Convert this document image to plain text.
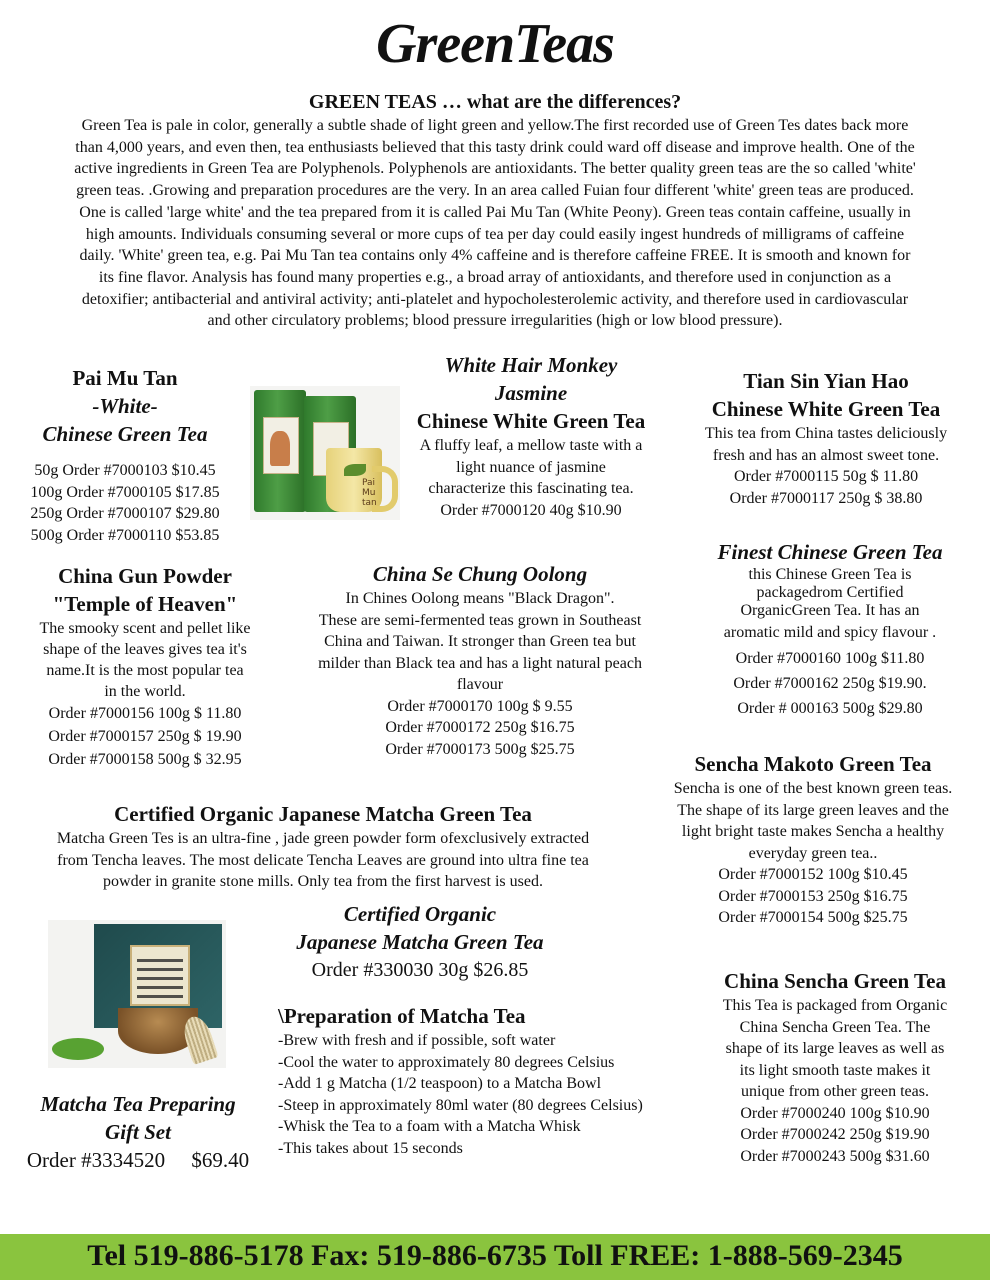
GreenTeas
GREEN TEAS … what are the differences?
Green Tea is pale in color, generally a subtle shade of light green and yellow.The first recorded use of Green Tes dates back more
than 4,000 years, and even then, tea enthusiasts believed that this tasty drink could ward off disease and improve health. One of the
active ingredients in Green Tea are Polyphenols. Polyphenols are antioxidants. The better quality green teas are the so called 'white'
green teas. .Growing and preparation procedures are the very. In an area called Fuian four different 'white' green teas are produced.
One is called 'large white' and the tea prepared from it is called Pai Mu Tan (White Peony). Green teas contain caffeine, usually in
high amounts. Individuals consuming several or more cups of tea per day could easily ingest hundreds of milligrams of caffeine
daily. 'White' green tea, e.g. Pai Mu Tan tea contains only 4% caffeine and is therefore caffeine FREE. It is smooth and known for
its fine flavor. Analysis has found many properties e.g., a broad array of antioxidants, and therefore used in conjunction as a
detoxifier; antibacterial and antiviral activity; anti-platelet and hypocholesterolemic activity, and therefore used in cardiovascular
and other circulatory problems; blood pressure irregularities (high or low blood pressure).
Pai Mu Tan
-White-
Chinese Green Tea
50g Order #7000103 $10.45
100g Order #7000105 $17.85
250g Order #7000107 $29.80
500g Order #7000110 $53.85
Pai
Mu
tan
White Hair Monkey
Jasmine
Chinese White Green Tea
A fluffy leaf, a mellow taste with a
light nuance of jasmine
characterize this fascinating tea.
Order #7000120 40g $10.90
Tian Sin Yian Hao
Chinese White Green Tea
This tea from China tastes deliciously
fresh and has an almost sweet tone.
Order #7000115 50g $ 11.80
Order #7000117 250g $ 38.80
China Gun Powder
"Temple of Heaven"
The smooky scent and pellet like
shape of the leaves gives tea it's
name.It is the most popular tea
in the world.
Order #7000156 100g $ 11.80
Order #7000157 250g $ 19.90
Order #7000158 500g $ 32.95
China Se Chung Oolong
In Chines Oolong means "Black Dragon".
These are semi-fermented teas grown in Southeast
China and Taiwan. It stronger than Green tea but
milder than Black tea and has a light natural peach
flavour
Order #7000170 100g $ 9.55
Order #7000172 250g $16.75
Order #7000173 500g $25.75
Finest Chinese Green Tea
this Chinese Green Tea is
packagedrom Certified
OrganicGreen Tea. It has an
aromatic mild and spicy flavour .
Order #7000160 100g $11.80
Order #7000162 250g $19.90.
Order # 000163 500g $29.80
Sencha Makoto Green Tea
Sencha is one of the best known green teas.
The shape of its large green leaves and the
light bright taste makes Sencha a healthy
everyday green tea..
Order #7000152 100g $10.45
Order #7000153 250g $16.75
Order #7000154 500g $25.75
Certified Organic Japanese Matcha Green Tea
Matcha Green Tes is an ultra-fine , jade green powder form ofexclusively extracted
from Tencha leaves. The most delicate Tencha Leaves are ground into ultra fine tea
powder in granite stone mills. Only tea from the first harvest is used.
Matcha Tea Preparing
Gift Set
Order #3334520     $69.40
Certified Organic
Japanese Matcha Green Tea
Order #330030 30g $26.85
\Preparation of Matcha Tea
-Brew with fresh and if possible, soft water
-Cool the water to approximately 80 degrees Celsius
-Add 1 g Matcha (1/2 teaspoon) to a Matcha Bowl
-Steep in approximately 80ml water (80 degrees Celsius)
-Whisk the Tea to a foam with a Matcha Whisk
-This takes about 15 seconds
China Sencha Green Tea
This Tea is packaged from Organic
China Sencha Green Tea. The
shape of its large leaves as well as
its light smooth taste makes it
unique from other green teas.
Order #7000240 100g $10.90
Order #7000242 250g $19.90
Order #7000243 500g $31.60
Tel 519-886-5178 Fax: 519-886-6735 Toll FREE: 1-888-569-2345
